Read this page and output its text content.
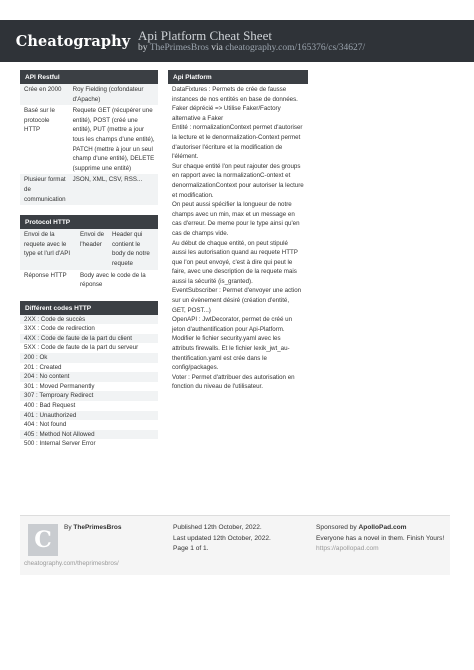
Cheatography Api Platform Cheat Sheet
by ThePrimesBros via cheatography.com/165376/cs/34627/
API Restful
Crée en 2000	Roy Fielding (cofondateur d'Apache)
Basé sur le protocole HTTP	Requete GET (récupérer une entité), POST (créé une entité), PUT (mettre a jour tous les champs d'une entité), PATCH (mettre à jour un seul champ d'une entité), DELETE (supprime une entité)
Plusieur format de communication	JSON, XML, CSV, RSS...
Protocol HTTP
Envoi de la requete avec le type et l'url d'API	Envoi de l'header	Header qui contient le body de notre requete
Réponse HTTP	Body avec le code de la réponse	
Différent codes HTTP
2XX : Code de succès
3XX : Code de redirection
4XX : Code de faute de la part du client
5XX : Code de faute de la part du serveur
200 : Ok
201 : Created
204 : No content
301 : Moved Permanently
307 : Temproary Redirect
400 : Bad Request
401 : Unauthorized
404 : Not found
405 : Method Not Allowed
500 : Internal Server Error
Api Platform
DataFixtures : Permets de crée de fausse instances de nos entités en base de données.
Faker déprécié => Utilise Faker/Factory alternative a Faker
Entité : normalizationContext permet d'autoriser la lecture et le denormalization-Context permet d'autoriser l'écriture et la modification de l'élément.
Sur chaque entité l'on peut rajouter des groups en rapport avec la normalizationC-ontext et denormalizationContext pour autoriser la lecture et modification.
On peut aussi spécifier la longueur de notre champs avec un min, max et un message en cas d'erreur. De meme pour le type ainsi qu'en cas de champs vide.
Au début de chaque entité, on peut stipulé aussi les autorisation quand au requete HTTP que l'on peut envoyé, c'est à dire qui peut le faire, avec une description de la requete mais aussi la sécurité (is_granted).
EventSubscriber : Permet d'envoyer une action sur un évènement désiré (création d'entité, GET, POST...)
OpenAPI : JwtDecorator, permet de créé un jeton d'authentification pour Api-Platform. Modifier le fichier security.yaml avec les attributs firewalls. Et le fichier lexik_jwt_au-thentification.yaml est crée dans le config/packages.
Voter : Permet d'attribuer des autorisation en fonction du niveau de l'utilisateur.
C	By ThePrimesBros
cheatography.com/theprimesbros/
Published 12th October, 2022.
Last updated 12th October, 2022.
Page 1 of 1.
Sponsored by ApolloPad.com
Everyone has a novel in them. Finish Yours!
https://apollopad.com
